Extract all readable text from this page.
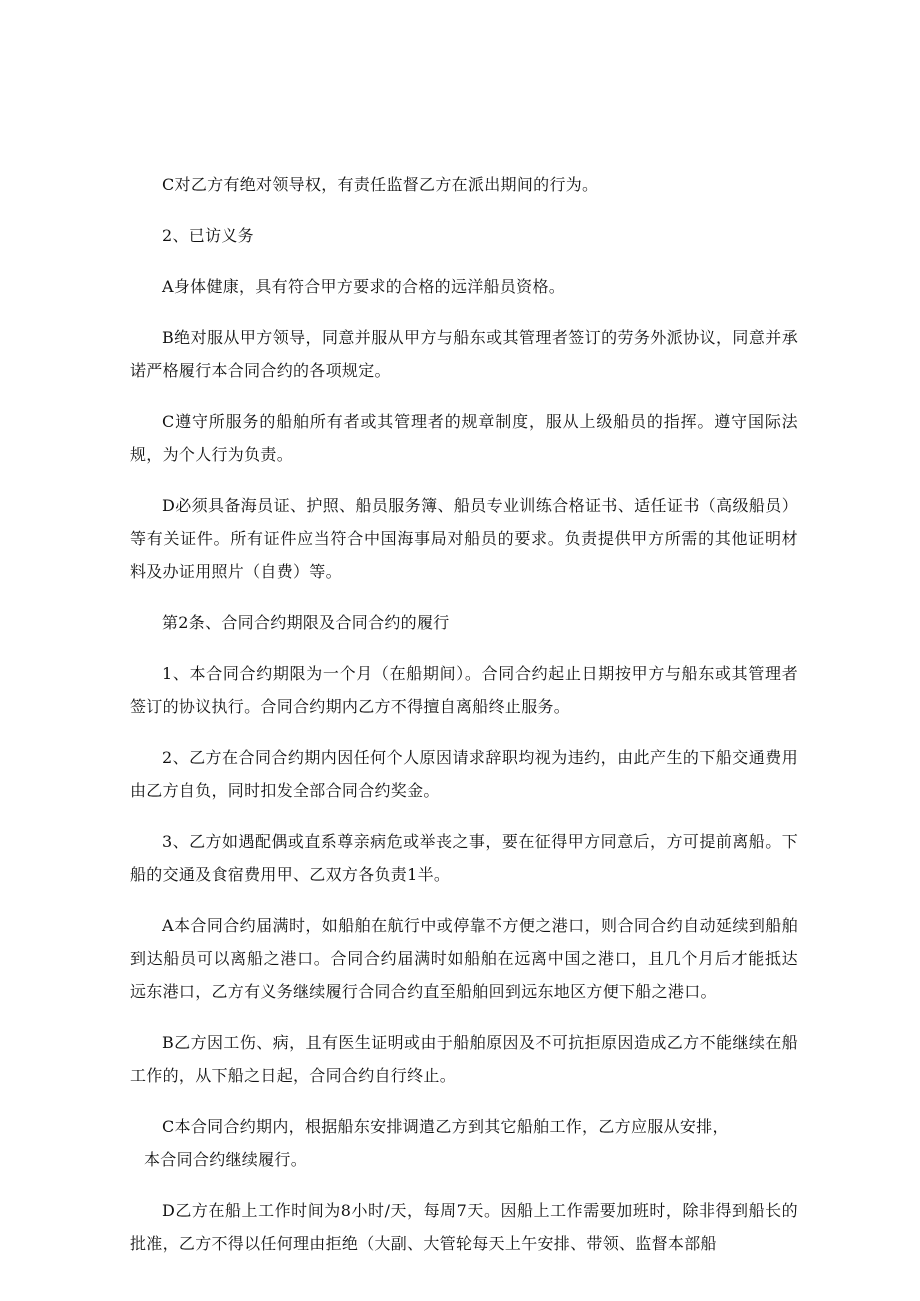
C对乙方有绝对领导权，有责任监督乙方在派出期间的行为。

2、已访义务

A身体健康，具有符合甲方要求的合格的远洋船员资格。

B绝对服从甲方领导，同意并服从甲方与船东或其管理者签订的劳务外派协议，同意并承诺严格履行本合同合约的各项规定。

C遵守所服务的船舶所有者或其管理者的规章制度，服从上级船员的指挥。遵守国际法规，为个人行为负责。

D必须具备海员证、护照、船员服务簿、船员专业训练合格证书、适任证书（高级船员）等有关证件。所有证件应当符合中国海事局对船员的要求。负责提供甲方所需的其他证明材料及办证用照片（自费）等。

第2条、合同合约期限及合同合约的履行

1、本合同合约期限为一个月（在船期间）。合同合约起止日期按甲方与船东或其管理者签订的协议执行。合同合约期内乙方不得擅自离船终止服务。

2、乙方在合同合约期内因任何个人原因请求辞职均视为违约，由此产生的下船交通费用由乙方自负，同时扣发全部合同合约奖金。

3、乙方如遇配偶或直系尊亲病危或举丧之事，要在征得甲方同意后，方可提前离船。下船的交通及食宿费用甲、乙双方各负责1半。

A本合同合约届满时，如船舶在航行中或停靠不方便之港口，则合同合约自动延续到船舶到达船员可以离船之港口。合同合约届满时如船舶在远离中国之港口，且几个月后才能抵达远东港口，乙方有义务继续履行合同合约直至船舶回到远东地区方便下船之港口。

B乙方因工伤、病，且有医生证明或由于船舶原因及不可抗拒原因造成乙方不能继续在船工作的，从下船之日起，合同合约自行终止。

C本合同合约期内，根据船东安排调遣乙方到其它船舶工作，乙方应服从安排，

本合同合约继续履行。

D乙方在船上工作时间为8小时/天，每周7天。因船上工作需要加班时，除非得到船长的批准，乙方不得以任何理由拒绝（大副、大管轮每天上午安排、带领、监督本部船
